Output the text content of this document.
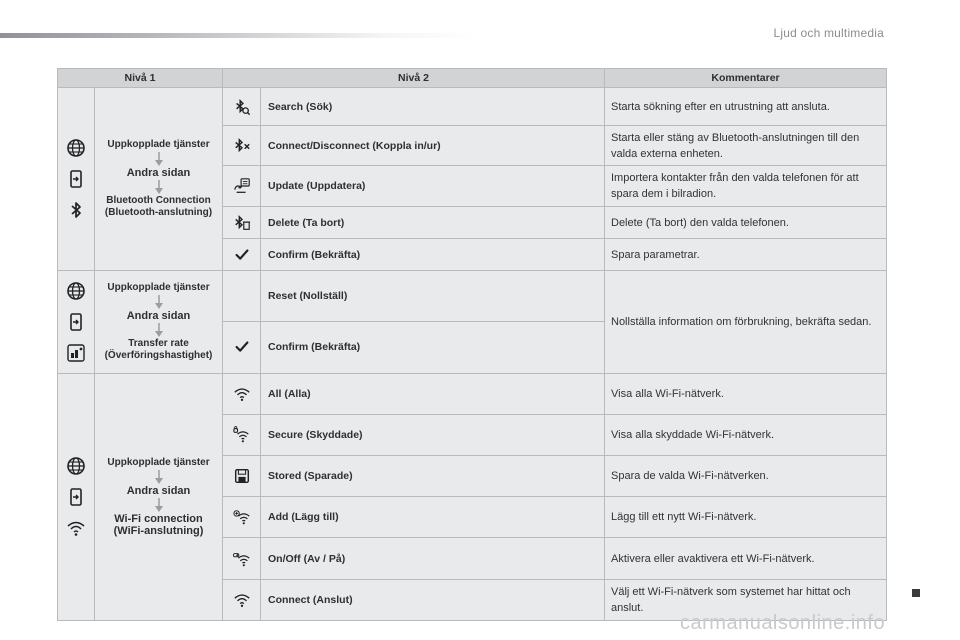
Ljud och multimedia
Nivå 1		Nivå 2		Kommentarer

Uppkopplade tjänster
Andra sidan
Bluetooth Connection
(Bluetooth-anslutning)		Search (Sök)	Starta sökning efter en utrustning att ansluta.

	Connect/Disconnect (Koppla in/ur)	Starta eller stäng av Bluetooth-anslutningen till den valda externa enheten.

	Update (Uppdatera)	Importera kontakter från den valda telefonen för att spara dem i bilradion.

	Delete (Ta bort)	Delete (Ta bort) den valda telefonen.

	Confirm (Bekräfta)	Spara parametrar.

Uppkopplade tjänster
Andra sidan
Transfer rate
(Överföringshastighet)		Reset (Nollställ)	Nollställa information om förbrukning, bekräfta sedan.

	Confirm (Bekräfta)	

Uppkopplade tjänster
Andra sidan
Wi-Fi connection
(WiFi-anslutning)		All (Alla)	Visa alla Wi-Fi-nätverk.

	Secure (Skyddade)	Visa alla skyddade Wi-Fi-nätverk.

	Stored (Sparade)	Spara de valda Wi-Fi-nätverken.

	Add (Lägg till)	Lägg till ett nytt Wi-Fi-nätverk.

	On/Off (Av / På)	Aktivera eller avaktivera ett Wi-Fi-nätverk.

	Connect (Anslut)	Välj ett Wi-Fi-nätverk som systemet har hittat och anslut.
carmanualsonline.info
